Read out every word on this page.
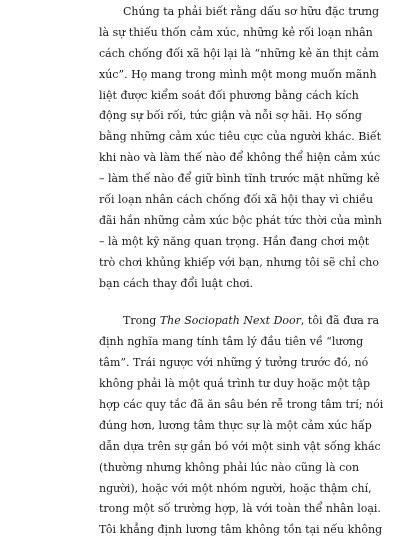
Chúng ta phải biết rằng dấu sơ hữu đặc trưng
là sự thiếu thốn cảm xúc, những kẻ rối loạn nhân
cách chống đối xã hội lại là “những kẻ ăn thịt cảm
xúc”. Họ mang trong mình một mong muốn mãnh
liệt được kiểm soát đối phương bằng cách kích
động sự bối rối, tức giận và nỗi sợ hãi. Họ sống
bằng những cảm xúc tiêu cực của người khác. Biết
khi nào và làm thế nào để không thể hiện cảm xúc
– làm thế nào để giữ bình tĩnh trước mặt những kẻ
rối loạn nhân cách chống đối xã hội thay vì chiều
đãi hắn những cảm xúc bộc phát tức thời của mình
– là một kỹ năng quan trọng. Hắn đang chơi một
trò chơi khủng khiếp với bạn, nhưng tôi sẽ chỉ cho
bạn cách thay đổi luật chơi.
Trong The Sociopath Next Door, tôi đã đưa ra
định nghĩa mang tính tâm lý đầu tiên về “lương
tâm”. Trái ngược với những ý tưởng trước đó, nó
không phải là một quá trình tư duy hoặc một tập
hợp các quy tắc đã ăn sâu bén rễ trong tâm trí; nói
đúng hơn, lương tâm thực sự là một cảm xúc hấp
dẫn dựa trên sự gắn bó với một sinh vật sống khác
(thường nhưng không phải lúc nào cũng là con
người), hoặc với một nhóm người, hoặc thậm chí,
trong một số trường hợp, là với toàn thể nhân loại.
Tôi khẳng định lương tâm không tồn tại nếu không
